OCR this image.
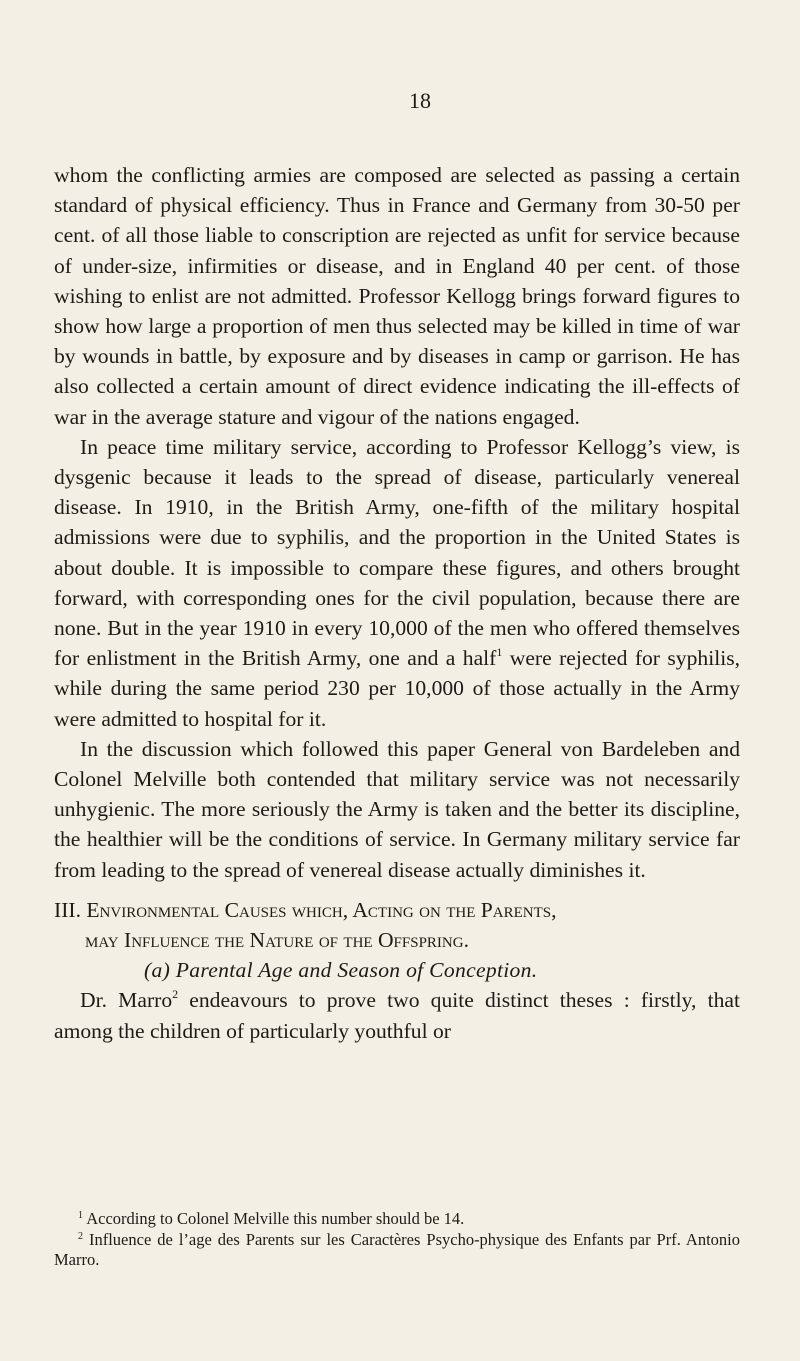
18

whom the conflicting armies are composed are selected as passing a certain standard of physical efficiency. Thus in France and Germany from 30-50 per cent. of all those liable to conscription are rejected as unfit for service because of under-size, infirmities or disease, and in England 40 per cent. of those wishing to enlist are not admitted. Professor Kellogg brings forward figures to show how large a proportion of men thus selected may be killed in time of war by wounds in battle, by exposure and by diseases in camp or garrison. He has also collected a certain amount of direct evidence indicating the ill-effects of war in the average stature and vigour of the nations engaged.

In peace time military service, according to Professor Kellogg’s view, is dysgenic because it leads to the spread of disease, particularly venereal disease. In 1910, in the British Army, one-fifth of the military hospital admissions were due to syphilis, and the proportion in the United States is about double. It is impossible to compare these figures, and others brought forward, with corresponding ones for the civil population, because there are none. But in the year 1910 in every 10,000 of the men who offered themselves for enlistment in the British Army, one and a half$^1$ were rejected for syphilis, while during the same period 230 per 10,000 of those actually in the Army were admitted to hospital for it.

In the discussion which followed this paper General von Bardeleben and Colonel Melville both contended that military service was not necessarily unhygienic. The more seriously the Army is taken and the better its discipline, the healthier will be the conditions of service. In Germany military service far from leading to the spread of venereal disease actually diminishes it.

III. Environmental Causes which, Acting on the Parents,
may Influence the Nature of the Offspring.
(a) Parental Age and Season of Conception.

Dr. Marro$^2$ endeavours to prove two quite distinct theses : firstly, that among the children of particularly youthful or

$^1$ According to Colonel Melville this number should be 14.

$^2$ Influence de l’age des Parents sur les Caractères Psycho-physique des Enfants par Prf. Antonio Marro.
